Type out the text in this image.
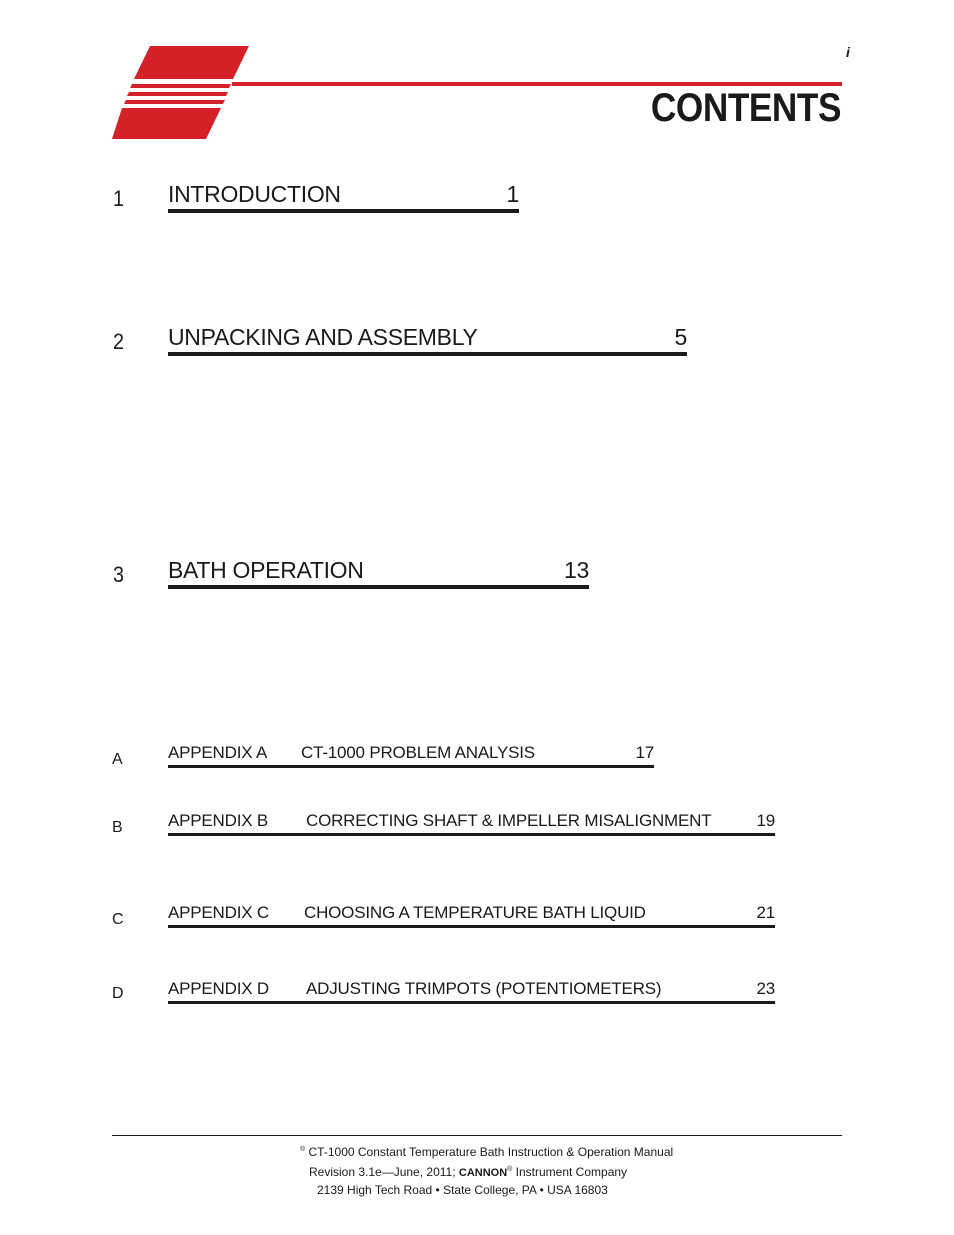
i
CONTENTS
1 INTRODUCTION	1
2 UNPACKING AND ASSEMBLY	5
3 BATH OPERATION	13
A	APPENDIX A CT-1000 PROBLEM ANALYSIS	17
B	APPENDIX B CORRECTING SHAFT & IMPELLER MISALIGNMENT	19
C	APPENDIX C CHOOSING A TEMPERATURE BATH LIQUID	21
D	APPENDIX D ADJUSTING TRIMPOTS (POTENTIOMETERS)	23
® CT-1000 Constant Temperature Bath Instruction & Operation Manual
Revision 3.1e—June, 2011; CANNON® Instrument Company
2139 High Tech Road • State College, PA • USA 16803
